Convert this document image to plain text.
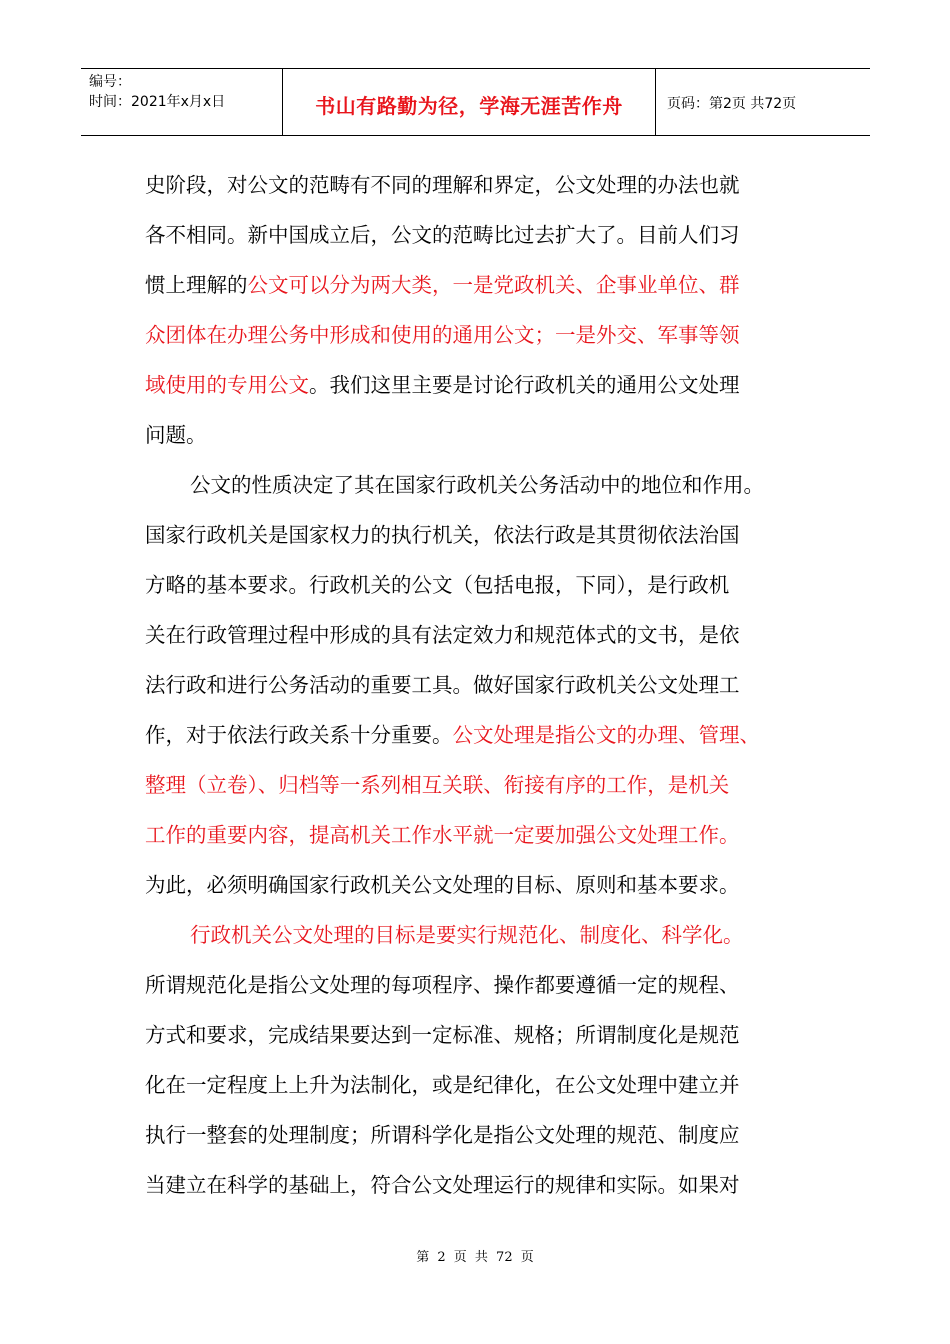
编号：
时间：2021年x月x日	书山有路勤为径，学海无涯苦作舟	页码：第2页 共72页
史阶段，对公文的范畴有不同的理解和界定，公文处理的办法也就
各不相同。新中国成立后，公文的范畴比过去扩大了。目前人们习
惯上理解的公文可以分为两大类，一是党政机关、企事业单位、群
众团体在办理公务中形成和使用的通用公文；一是外交、军事等领
域使用的专用公文。我们这里主要是讨论行政机关的通用公文处理
问题。
公文的性质决定了其在国家行政机关公务活动中的地位和作用。
国家行政机关是国家权力的执行机关，依法行政是其贯彻依法治国
方略的基本要求。行政机关的公文（包括电报，下同），是行政机
关在行政管理过程中形成的具有法定效力和规范体式的文书，是依
法行政和进行公务活动的重要工具。做好国家行政机关公文处理工
作，对于依法行政关系十分重要。公文处理是指公文的办理、管理、
整理（立卷）、归档等一系列相互关联、衔接有序的工作，是机关
工作的重要内容，提高机关工作水平就一定要加强公文处理工作。
为此，必须明确国家行政机关公文处理的目标、原则和基本要求。
行政机关公文处理的目标是要实行规范化、制度化、科学化。
所谓规范化是指公文处理的每项程序、操作都要遵循一定的规程、
方式和要求，完成结果要达到一定标准、规格；所谓制度化是规范
化在一定程度上上升为法制化，或是纪律化，在公文处理中建立并
执行一整套的处理制度；所谓科学化是指公文处理的规范、制度应
当建立在科学的基础上，符合公文处理运行的规律和实际。如果对
第 2 页 共 72 页
